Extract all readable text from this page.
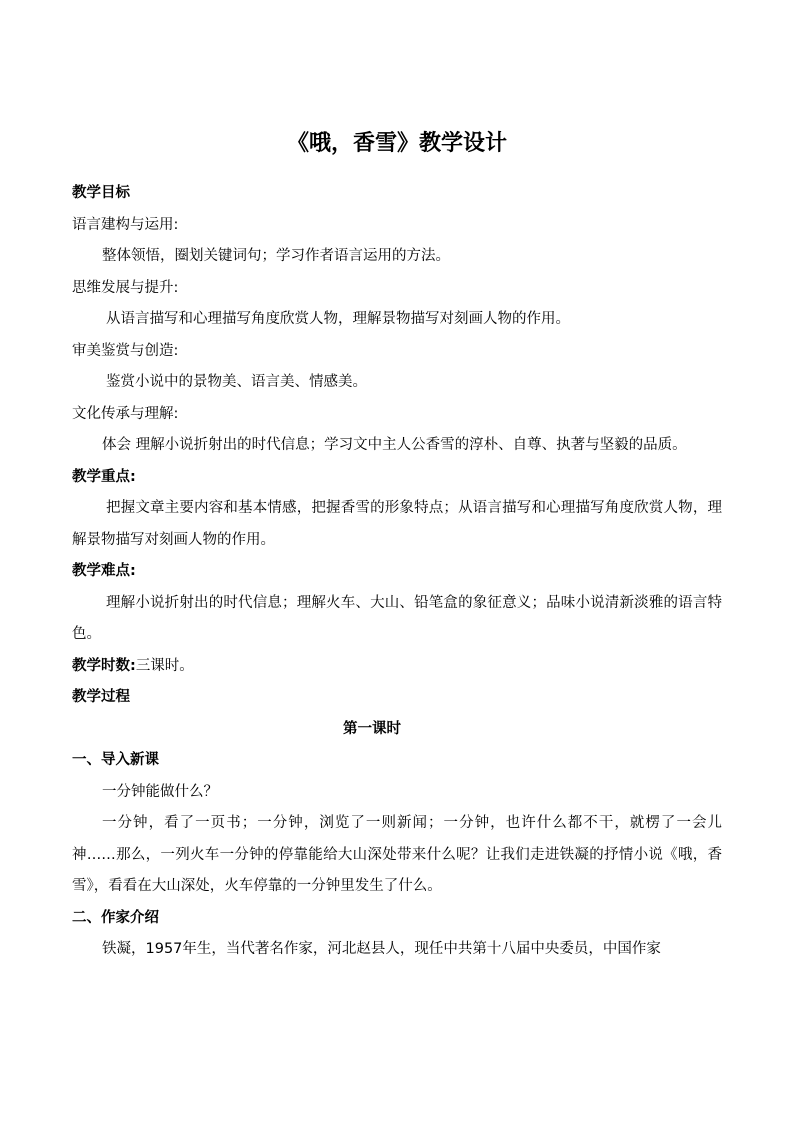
《哦，香雪》教学设计

教学目标

语言建构与运用:

整体领悟，圈划关键词句；学习作者语言运用的方法。

思维发展与提升:

从语言描写和心理描写角度欣赏人物，理解景物描写对刻画人物的作用。

审美鉴赏与创造:

鉴赏小说中的景物美、语言美、情感美。

文化传承与理解:

体会 理解小说折射出的时代信息；学习文中主人公香雪的淳朴、自尊、执著与坚毅的品质。

教学重点:

把握文章主要内容和基本情感，把握香雪的形象特点；从语言描写和心理描写角度欣赏人物，理解景物描写对刻画人物的作用。

教学难点:

理解小说折射出的时代信息；理解火车、大山、铅笔盒的象征意义；品味小说清新淡雅的语言特色。

教学时数:三课时。

教学过程

第一课时

一、导入新课

一分钟能做什么？

一分钟，看了一页书；一分钟，浏览了一则新闻；一分钟，也许什么都不干，就楞了一会儿神……那么，一列火车一分钟的停靠能给大山深处带来什么呢？让我们走进铁凝的抒情小说《哦，香雪》，看看在大山深处，火车停靠的一分钟里发生了什么。

二、作家介绍

铁凝，1957年生，当代著名作家，河北赵县人，现任中共第十八届中央委员，中国作家
